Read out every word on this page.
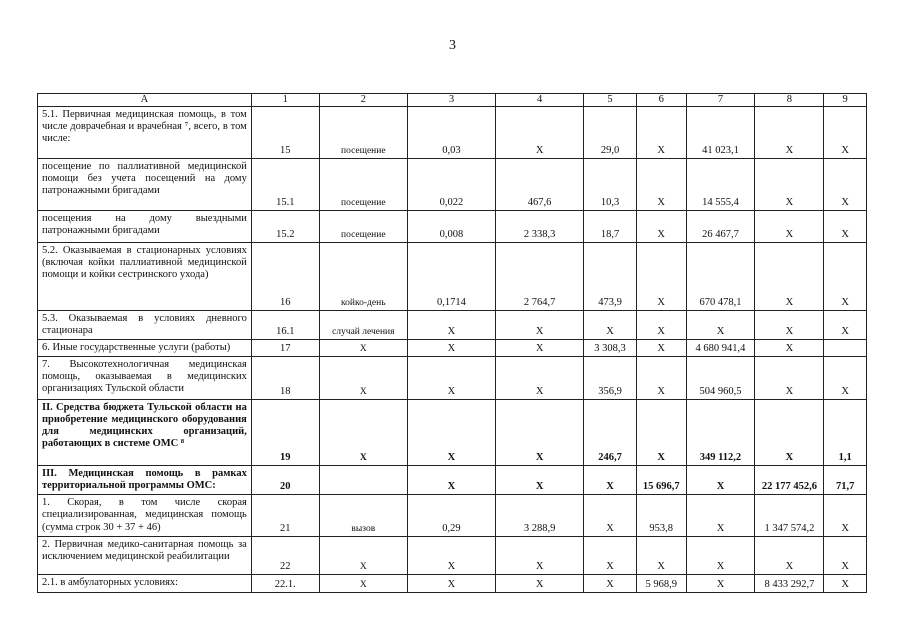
3
А	1	2	3	4	5	6	7	8	9
5.1. Первичная медицинская помощь, в том числе доврачебная и врачебная ⁷, всего, в том числе:	15	посещение	0,03	Х	29,0	Х	41 023,1	Х	Х
посещение по паллиативной медицинской помощи без учета посещений на дому патронажными бригадами	15.1	посещение	0,022	467,6	10,3	Х	14 555,4	Х	Х
посещения на дому выездными патронажными бригадами	15.2	посещение	0,008	2 338,3	18,7	Х	26 467,7	Х	Х
5.2. Оказываемая в стационарных условиях (включая койки паллиативной медицинской помощи и койки сестринского ухода)	16	койко-день	0,1714	2 764,7	473,9	Х	670 478,1	Х	Х
5.3. Оказываемая в условиях дневного стационара	16.1	случай лечения	Х	Х	Х	Х	Х	Х	Х
6. Иные государственные услуги (работы)	17	Х	Х	Х	3 308,3	Х	4 680 941,4	Х	
7. Высокотехнологичная медицинская помощь, оказываемая в медицинских организациях Тульской области	18	Х	Х	Х	356,9	Х	504 960,5	Х	Х
II. Средства бюджета Тульской области на приобретение медицинского оборудования для медицинских организаций, работающих в системе ОМС ⁸	19	Х	Х	Х	246,7	Х	349 112,2	Х	1,1
III. Медицинская помощь в рамках территориальной программы ОМС:	20		Х	Х	Х	15 696,7	Х	22 177 452,6	71,7
1. Скорая, в том числе скорая специализированная, медицинская помощь (сумма строк 30 + 37 + 46)	21	вызов	0,29	3 288,9	Х	953,8	Х	1 347 574,2	Х
2. Первичная медико-санитарная помощь за исключением медицинской реабилитации	22	Х	Х	Х	Х	Х	Х	Х	Х
2.1. в амбулаторных условиях:	22.1.	Х	Х	Х	Х	5 968,9	Х	8 433 292,7	Х
